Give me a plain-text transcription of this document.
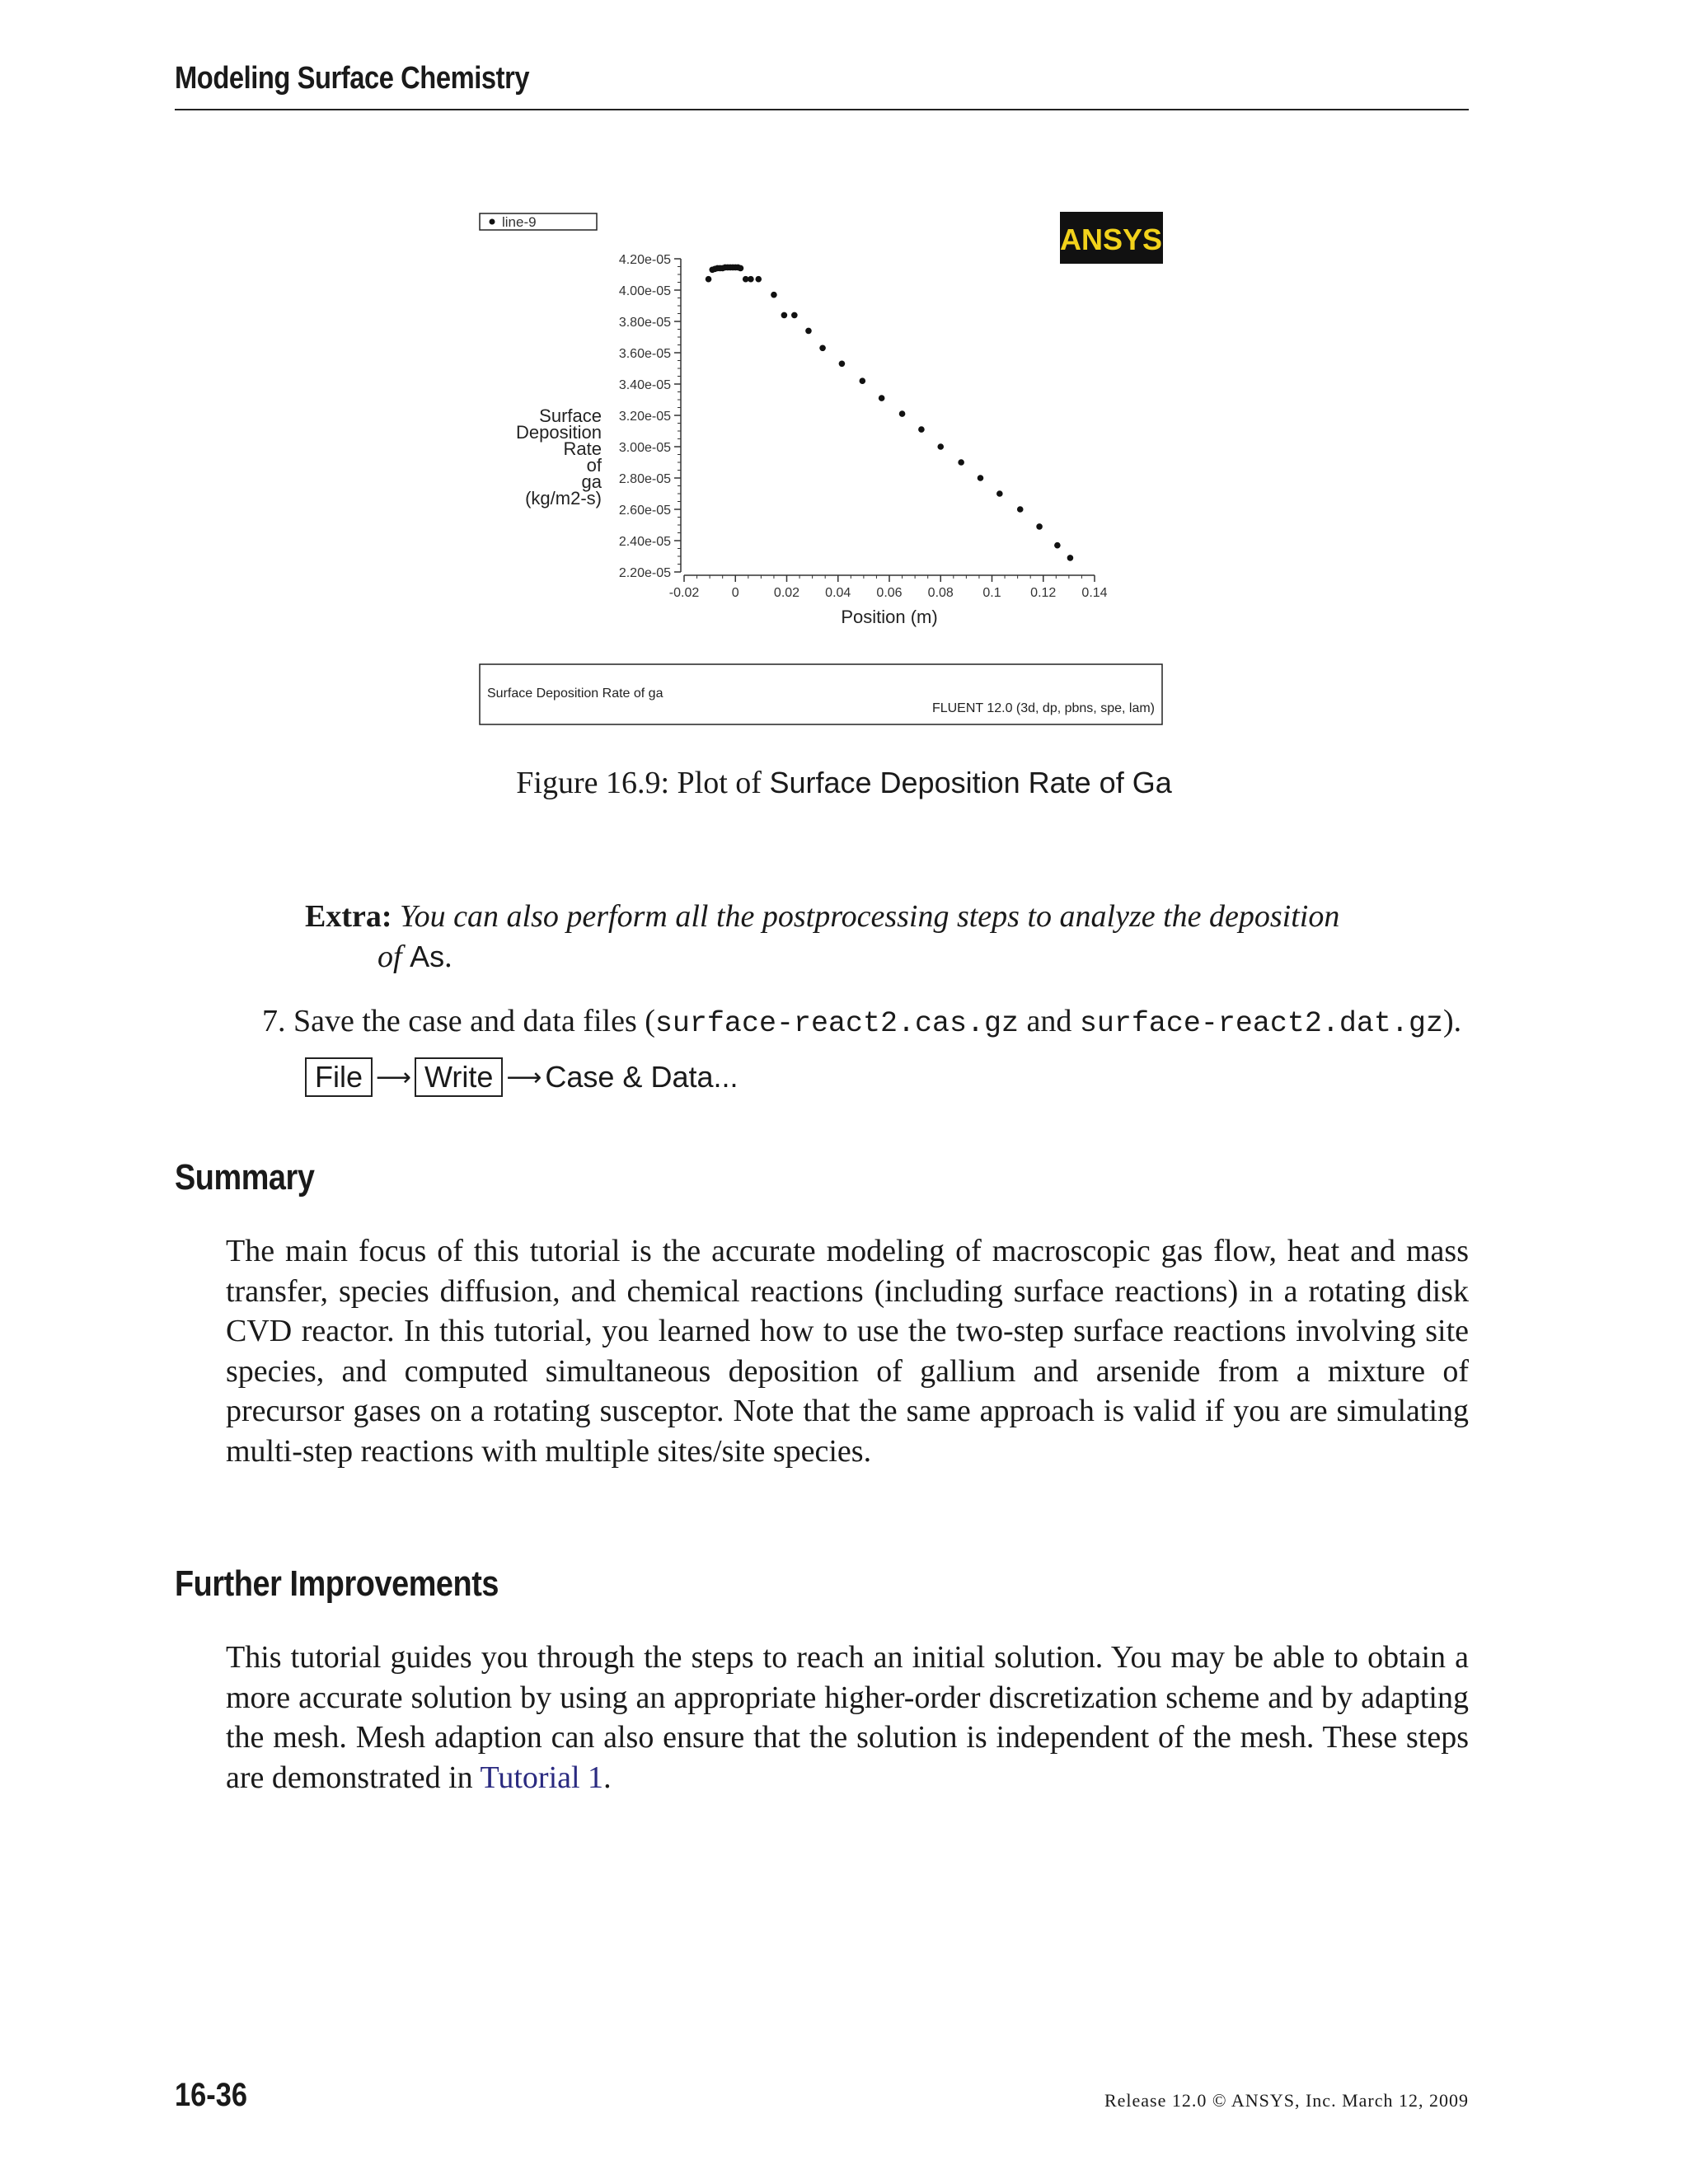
Modeling Surface Chemistry
line-9
ANSYS
2.20e-05
2.40e-05
2.60e-05
2.80e-05
3.00e-05
3.20e-05
3.40e-05
3.60e-05
3.80e-05
4.00e-05
4.20e-05
-0.02 0	0.02 0.04 0.06 0.08 0.1 0.12 0.14
Surface
Deposition
Rate
of
ga
(kg/m2-s)
Position (m)
Surface Deposition Rate of ga
FLUENT 12.0 (3d, dp, pbns, spe, lam)
Figure 16.9: Plot of Surface Deposition Rate of Ga
Extra: You can also perform all the postprocessing steps to analyze the deposition
of As.
7. Save the case and data files (surface-react2.cas.gz and surface-react2.dat.gz).
File ⟶ Write ⟶ Case & Data...
Summary
The main focus of this tutorial is the accurate modeling of macroscopic gas flow, heat and mass transfer, species diffusion, and chemical reactions (including surface reactions) in a rotating disk CVD reactor. In this tutorial, you learned how to use the two-step surface reactions involving site species, and computed simultaneous deposition of gallium and arsenide from a mixture of precursor gases on a rotating susceptor. Note that the same approach is valid if you are simulating multi-step reactions with multiple sites/site species.
Further Improvements
This tutorial guides you through the steps to reach an initial solution. You may be able to obtain a more accurate solution by using an appropriate higher-order discretization scheme and by adapting the mesh. Mesh adaption can also ensure that the solution is independent of the mesh. These steps are demonstrated in Tutorial 1.
16-36	Release 12.0 © ANSYS, Inc. March 12, 2009
